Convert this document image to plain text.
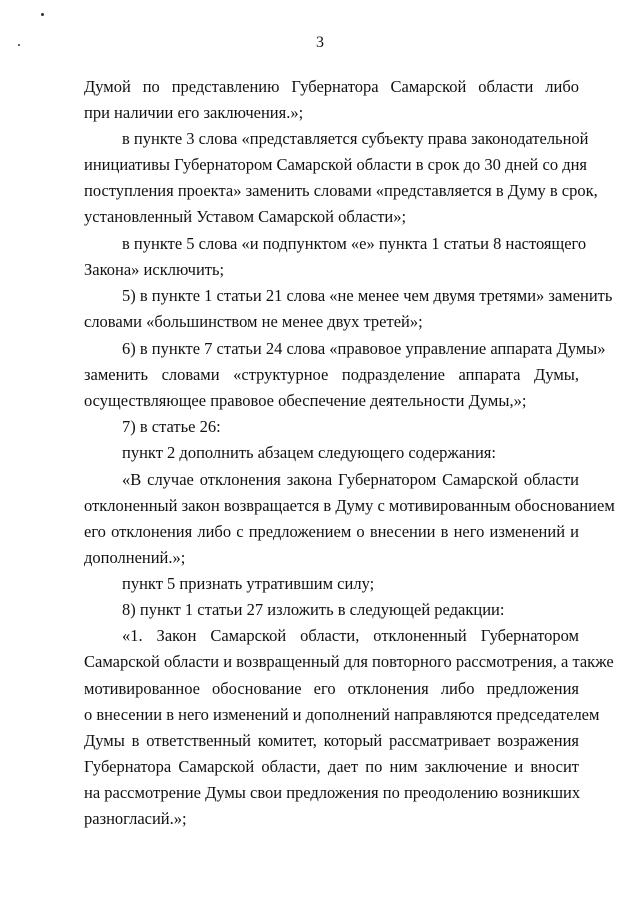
3
Думой по представлению Губернатора Самарской области либо
при наличии его заключения.»;
в пункте 3 слова «представляется субъекту права законодательной
инициативы Губернатором Самарской области в срок до 30 дней со дня
поступления проекта» заменить словами «представляется в Думу в срок,
установленный Уставом Самарской области»;
в пункте 5 слова «и подпунктом «е» пункта 1 статьи 8 настоящего
Закона» исключить;
5) в пункте 1 статьи 21 слова «не менее чем двумя третями» заменить
словами «большинством не менее двух третей»;
6) в пункте 7 статьи 24 слова «правовое управление аппарата Думы»
заменить словами «структурное подразделение аппарата Думы,
осуществляющее правовое обеспечение деятельности Думы,»;
7) в статье 26:
пункт 2 дополнить абзацем следующего содержания:
«В случае отклонения закона Губернатором Самарской области
отклоненный закон возвращается в Думу с мотивированным обоснованием
его отклонения либо с предложением о внесении в него изменений и
дополнений.»;
пункт 5 признать утратившим силу;
8) пункт 1 статьи 27 изложить в следующей редакции:
«1. Закон Самарской области, отклоненный Губернатором
Самарской области и возвращенный для повторного рассмотрения, а также
мотивированное обоснование его отклонения либо предложения
о внесении в него изменений и дополнений направляются председателем
Думы в ответственный комитет, который рассматривает возражения
Губернатора Самарской области, дает по ним заключение и вносит
на рассмотрение Думы свои предложения по преодолению возникших
разногласий.»;
